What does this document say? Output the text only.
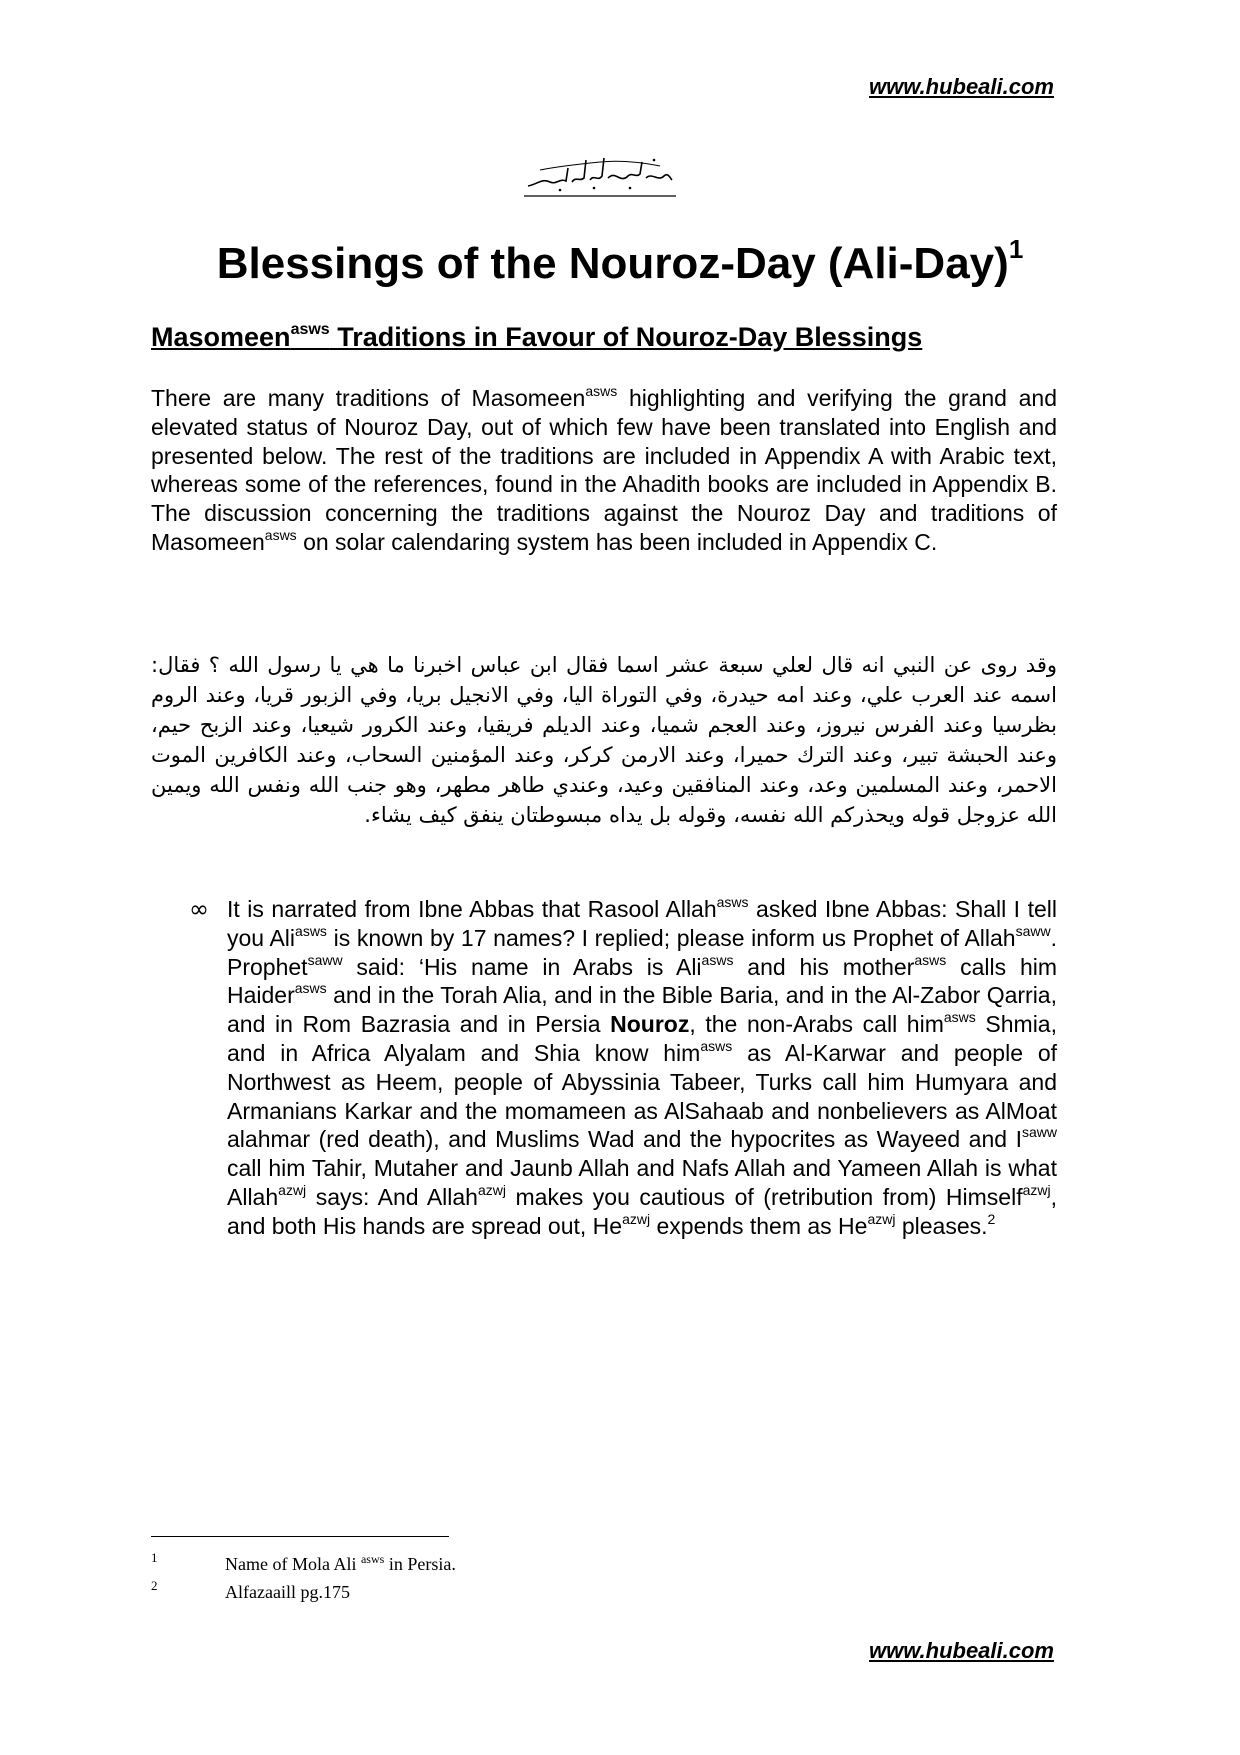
www.hubeali.com
Blessings of the Nouroz-Day $(Ali-Day)^1$
Masomeen$^{asws}$ Traditions in Favour of Nouroz-Day Blessings
There are many traditions of Masomeen$^{asws}$ highlighting and verifying the grand and elevated status of Nouroz Day, out of which few have been translated into English and presented below. The rest of the traditions are included in Appendix A with Arabic text, whereas some of the references, found in the Ahadith books are included in Appendix B. The discussion concerning the traditions against the Nouroz Day and traditions of Masomeen$^{asws}$ on solar calendaring system has been included in Appendix C.
وقد روى عن النبي انه قال لعلي سبعة عشر اسما فقال ابن عباس اخبرنا ما هي يا رسول الله ؟ فقال: اسمه عند العرب علي، وعند امه حيدرة، وفي التوراة اليا، وفي الانجيل بريا، وفي الزبور قريا، وعند الروم بظرسيا وعند الفرس نيروز، وعند العجم شميا، وعند الديلم فريقيا، وعند الكرور شيعيا، وعند الزبح حيم، وعند الحبشة تبير، وعند الترك حميرا، وعند الارمن كركر، وعند المؤمنين السحاب، وعند الكافرين الموت الاحمر، وعند المسلمين وعد، وعند المنافقين وعيد، وعندي طاهر مطهر، وهو جنب الله ونفس الله ويمين الله عزوجل قوله ويحذركم الله نفسه، وقوله بل يداه مبسوطتان ينفق كيف يشاء.
∞ It is narrated from Ibne Abbas that Rasool Allah$^{asws}$ asked Ibne Abbas: Shall I tell you Ali$^{asws}$ is known by 17 names? I replied; please inform us Prophet of Allah$^{saww}$. Prophet$^{saww}$ said: ‘His name in Arabs is Ali$^{asws}$ and his mother$^{asws}$ calls him Haider$^{asws}$ and in the Torah Alia, and in the Bible Baria, and in the Al-Zabor Qarria, and in Rom Bazrasia and in Persia Nouroz, the non-Arabs call him$^{asws}$ Shmia, and in Africa Alyalam and Shia know him$^{asws}$ as Al-Karwar and people of Northwest as Heem, people of Abyssinia Tabeer, Turks call him Humyara and Armanians Karkar and the momameen as AlSahaab and nonbelievers as AlMoat alahmar (red death), and Muslims Wad and the hypocrites as Wayeed and $I^{saww}$ call him Tahir, Mutaher and Jaunb Allah and Nafs Allah and Yameen Allah is what Allah$^{azwj}$ says: And Allah$^{azwj}$ makes you cautious of (retribution from) Himself$^{azwj}$, and both His hands are spread out, $He^{azwj}$ expends them as $He^{azwj}$ pleases.$^2$
1	Name of Mola Ali $^{asws}$ in Persia.
2	Alfazaaill pg.175
www.hubeali.com
